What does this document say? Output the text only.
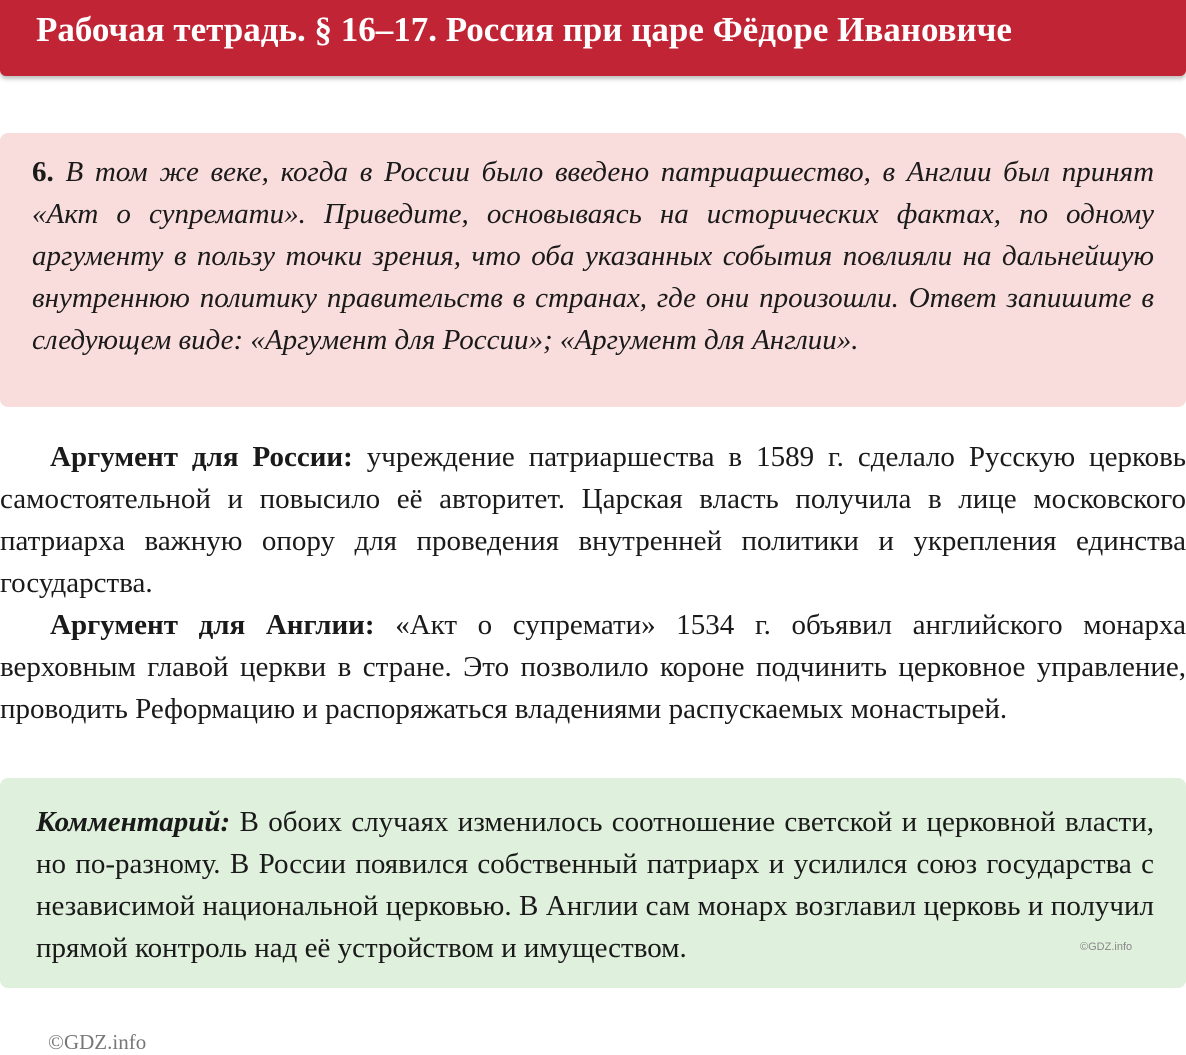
Рабочая тетрадь. § 16–17. Россия при царе Фёдоре Ивановиче
6. В том же веке, когда в России было введено патриаршество, в Англии был принят «Акт о супремати». Приведите, основываясь на исторических фактах, по одному аргументу в пользу точки зрения, что оба указанных события повлияли на дальнейшую внутреннюю политику правительств в странах, где они произошли. Ответ запишите в следующем виде: «Аргумент для России»; «Аргумент для Англии».

Аргумент для России: учреждение патриаршества в 1589 г. сделало Русскую церковь самостоятельной и повысило её авторитет. Царская власть получила в лице московского патриарха важную опору для проведения внутренней политики и укрепления единства государства.

Аргумент для Англии: «Акт о супремати» 1534 г. объявил английского монарха верховным главой церкви в стране. Это позволило короне подчинить церковное управление, проводить Реформацию и распоряжаться владениями распускаемых монастырей.

Комментарий: В обоих случаях изменилось соотношение светской и церковной власти, но по-разному. В России появился собственный патриарх и усилился союз государства с независимой национальной церковью. В Англии сам монарх возглавил церковь и получил прямой контроль над её устройством и имуществом.	©GDZ.info
©GDZ.info
